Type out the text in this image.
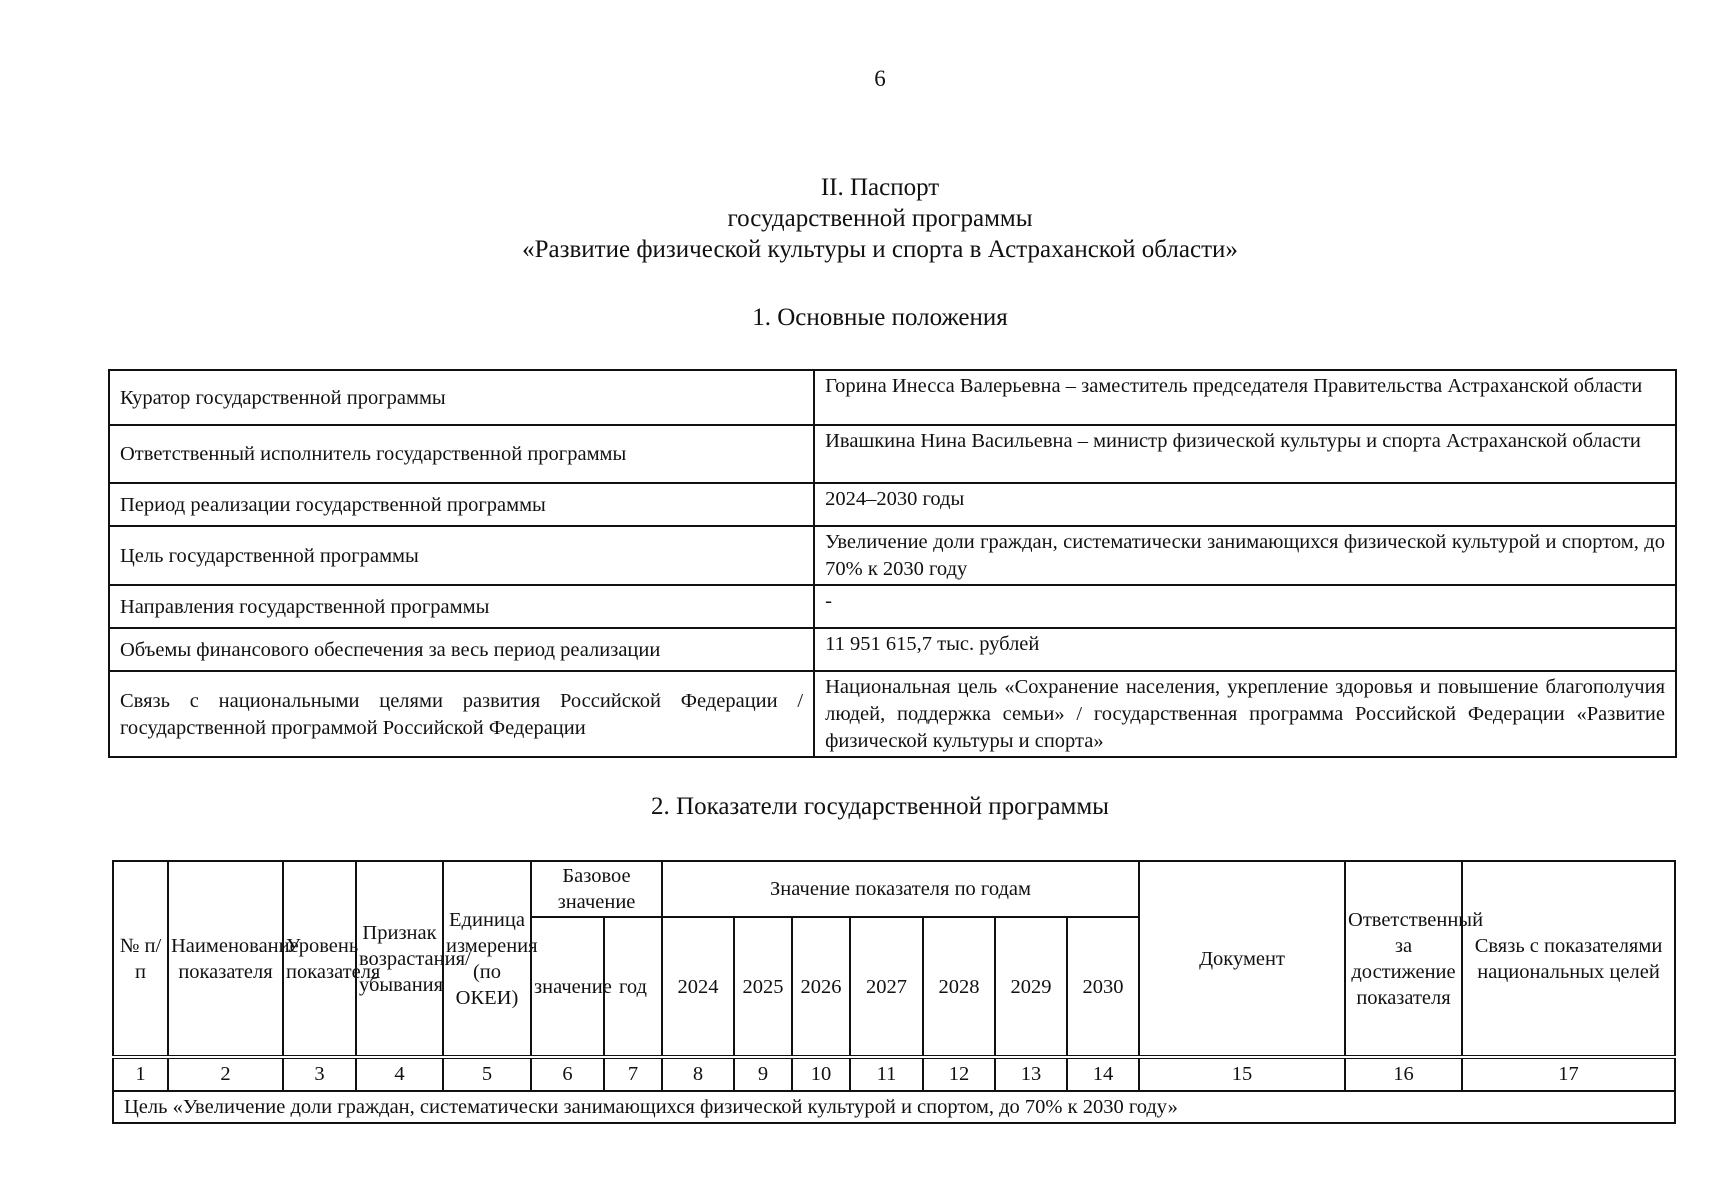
6
II. Паспорт
государственной программы
«Развитие физической культуры и спорта в Астраханской области»
1. Основные положения
Куратор государственной программы	Горина Инесса Валерьевна – заместитель председателя Правительства Астраханской области
Ответственный исполнитель государственной программы	Ивашкина Нина Васильевна – министр физической культуры и спорта Астраханской области
Период реализации государственной программы	2024–2030 годы
Цель государственной программы	Увеличение доли граждан, систематически занимающихся физической культурой и спортом, до 70% к 2030 году
Направления государственной программы	-
Объемы финансового обеспечения за весь период реализации	11 951 615,7 тыс. рублей
Связь с национальными целями развития Российской Федерации / государственной программой Российской Федерации	Национальная цель «Сохранение населения, укрепление здоровья и повышение благополучия людей, поддержка семьи» / государственная программа Российской Федерации «Развитие физической культуры и спорта»
2. Показатели государственной программы
№ п/п	Наименование показателя	Уровень показателя	Признак возрастания/ убывания	Единица измерения (по ОКЕИ)	Базовое значение		Значение показателя по годам							Документ	Ответственный за достижение показателя	Связь с показателями национальных целей
					значение	год	2024	2025	2026	2027	2028	2029	2030			
1	2	3	4	5	6	7	8	9	10	11	12	13	14	15	16	17
Цель «Увеличение доли граждан, систематически занимающихся физической культурой и спортом, до 70% к 2030 году»																
